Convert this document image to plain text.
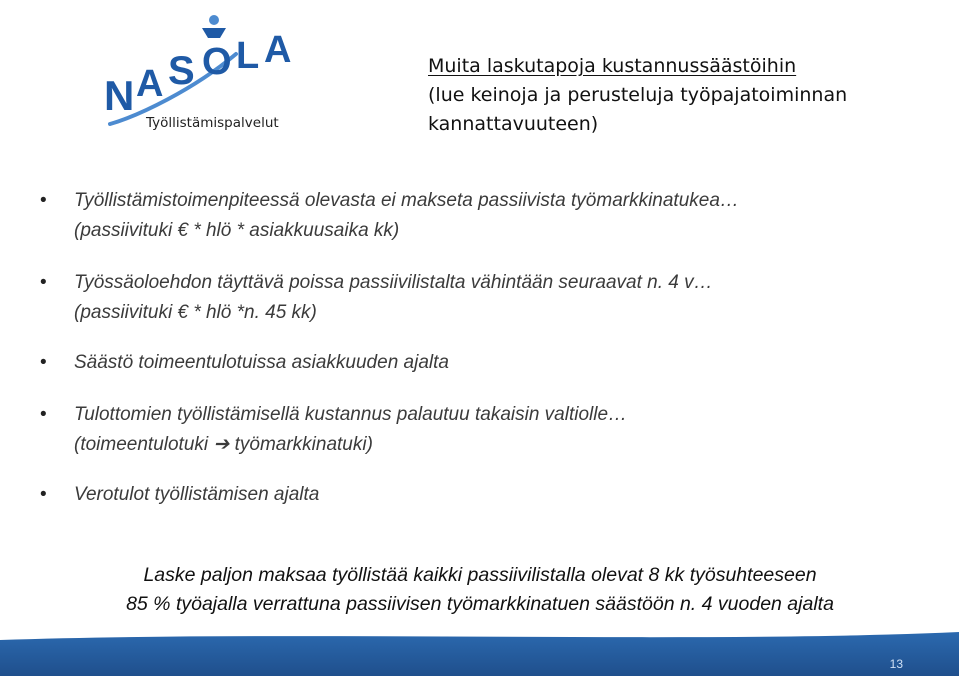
N A S O L A
Työllistämispalvelut
Muita laskutapoja kustannussäästöihin
(lue keinoja ja perusteluja työpajatoiminnan
kannattavuuteen)
• Työllistämistoimenpiteessä olevasta ei makseta passiivista työmarkkinatukea…
(passiivituki € * hlö * asiakkuusaika kk)
• Työssäoloehdon täyttävä poissa passiivilistalta vähintään seuraavat n. 4 v…
(passiivituki € * hlö *n. 45 kk)
• Säästö toimeentulotuissa asiakkuuden ajalta
• Tulottomien työllistämisellä kustannus palautuu takaisin valtiolle…
(toimeentulotuki ➔ työmarkkinatuki)
• Verotulot työllistämisen ajalta
Laske paljon maksaa työllistää kaikki passiivilistalla olevat 8 kk työsuhteeseen
85 % työajalla verrattuna passiivisen työmarkkinatuen säästöön n. 4 vuoden ajalta
13
